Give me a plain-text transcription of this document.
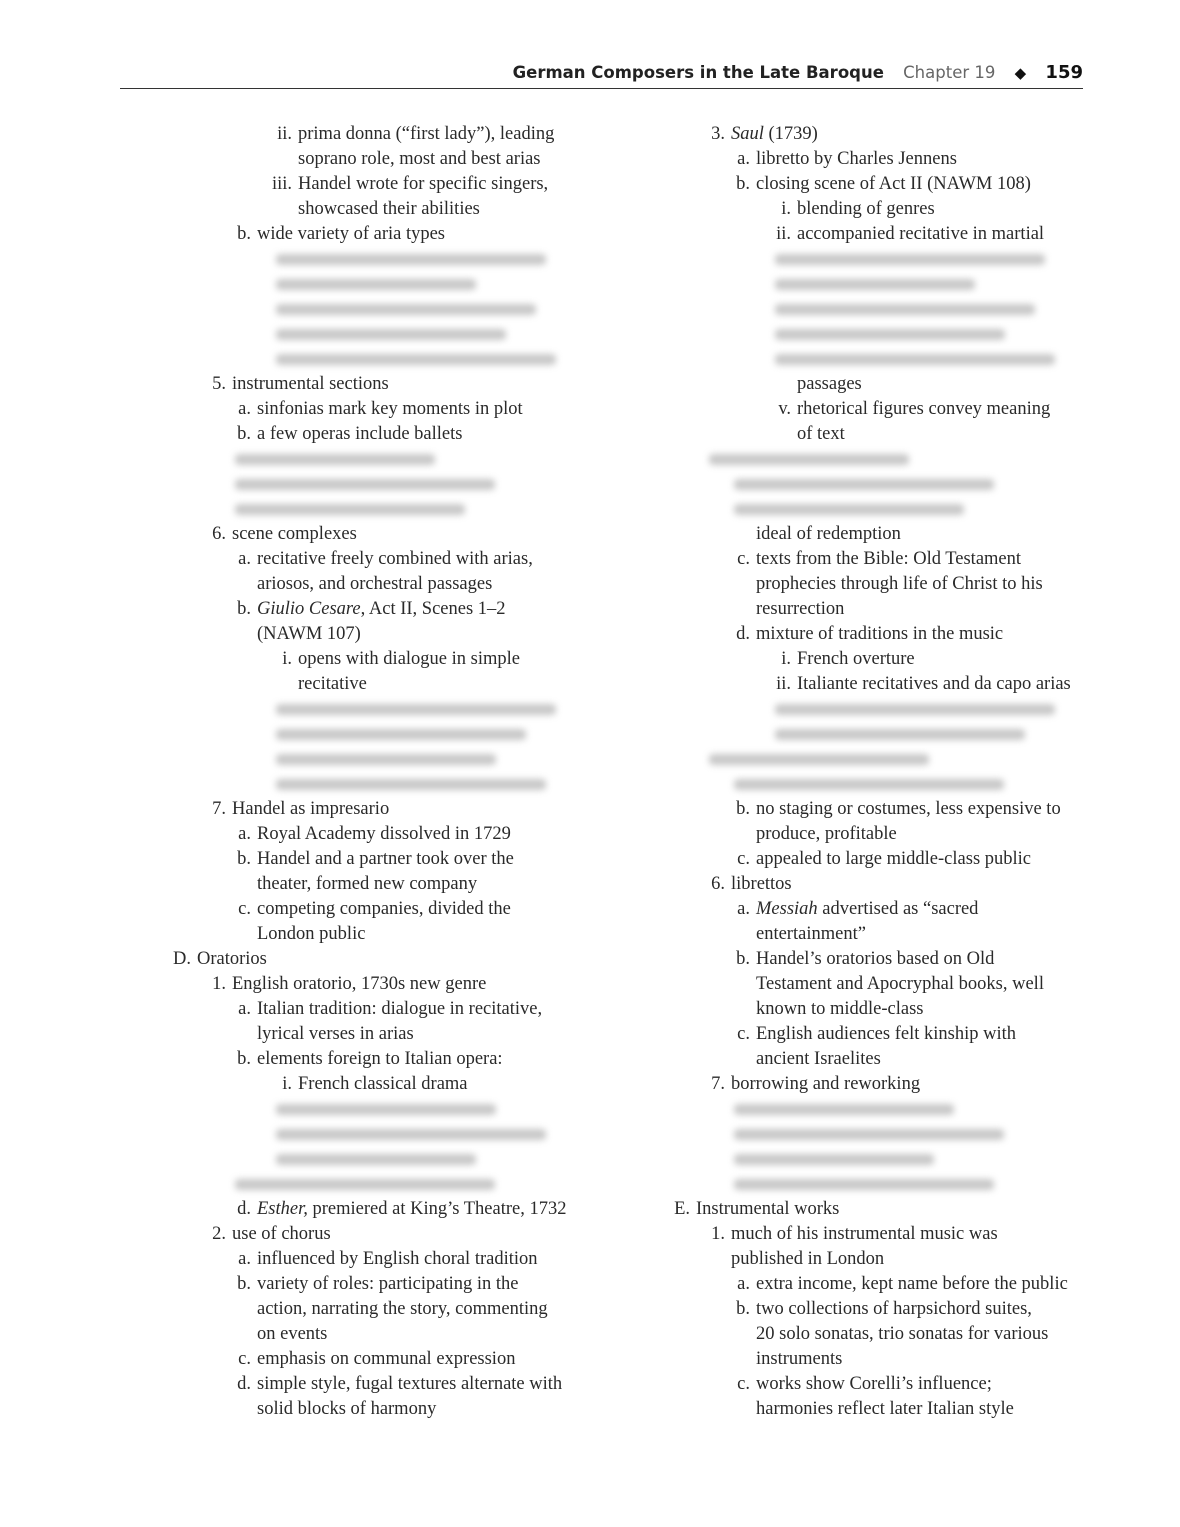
German Composers in the Late Baroque Chapter 19 ◆ 159
ii. prima donna (“first lady”), leading
soprano role, most and best arias
iii. Handel wrote for specific singers,
showcased their abilities
b. wide variety of aria types
5. instrumental sections
a. sinfonias mark key moments in plot
b. a few operas include ballets
6. scene complexes
a. recitative freely combined with arias,
ariosos, and orchestral passages
b. Giulio Cesare, Act II, Scenes 1–2
(NAWM 107)
i. opens with dialogue in simple
recitative
7. Handel as impresario
a. Royal Academy dissolved in 1729
b. Handel and a partner took over the
theater, formed new company
c. competing companies, divided the
London public
D. Oratorios
1. English oratorio, 1730s new genre
a. Italian tradition: dialogue in recitative,
lyrical verses in arias
b. elements foreign to Italian opera:
i. French classical drama
d. Esther, premiered at King’s Theatre, 1732
2. use of chorus
a. influenced by English choral tradition
b. variety of roles: participating in the
action, narrating the story, commenting
on events
c. emphasis on communal expression
d. simple style, fugal textures alternate with
solid blocks of harmony
3. Saul (1739)
a. libretto by Charles Jennens
b. closing scene of Act II (NAWM 108)
i. blending of genres
ii. accompanied recitative in martial
passages
v. rhetorical figures convey meaning
of text
ideal of redemption
c. texts from the Bible: Old Testament
prophecies through life of Christ to his
resurrection
d. mixture of traditions in the music
i. French overture
ii. Italiante recitatives and da capo arias
b. no staging or costumes, less expensive to
produce, profitable
c. appealed to large middle-class public
6. librettos
a. Messiah advertised as “sacred
entertainment”
b. Handel’s oratorios based on Old
Testament and Apocryphal books, well
known to middle-class
c. English audiences felt kinship with
ancient Israelites
7. borrowing and reworking
E. Instrumental works
1. much of his instrumental music was
published in London
a. extra income, kept name before the public
b. two collections of harpsichord suites,
20 solo sonatas, trio sonatas for various
instruments
c. works show Corelli’s influence;
harmonies reflect later Italian style
